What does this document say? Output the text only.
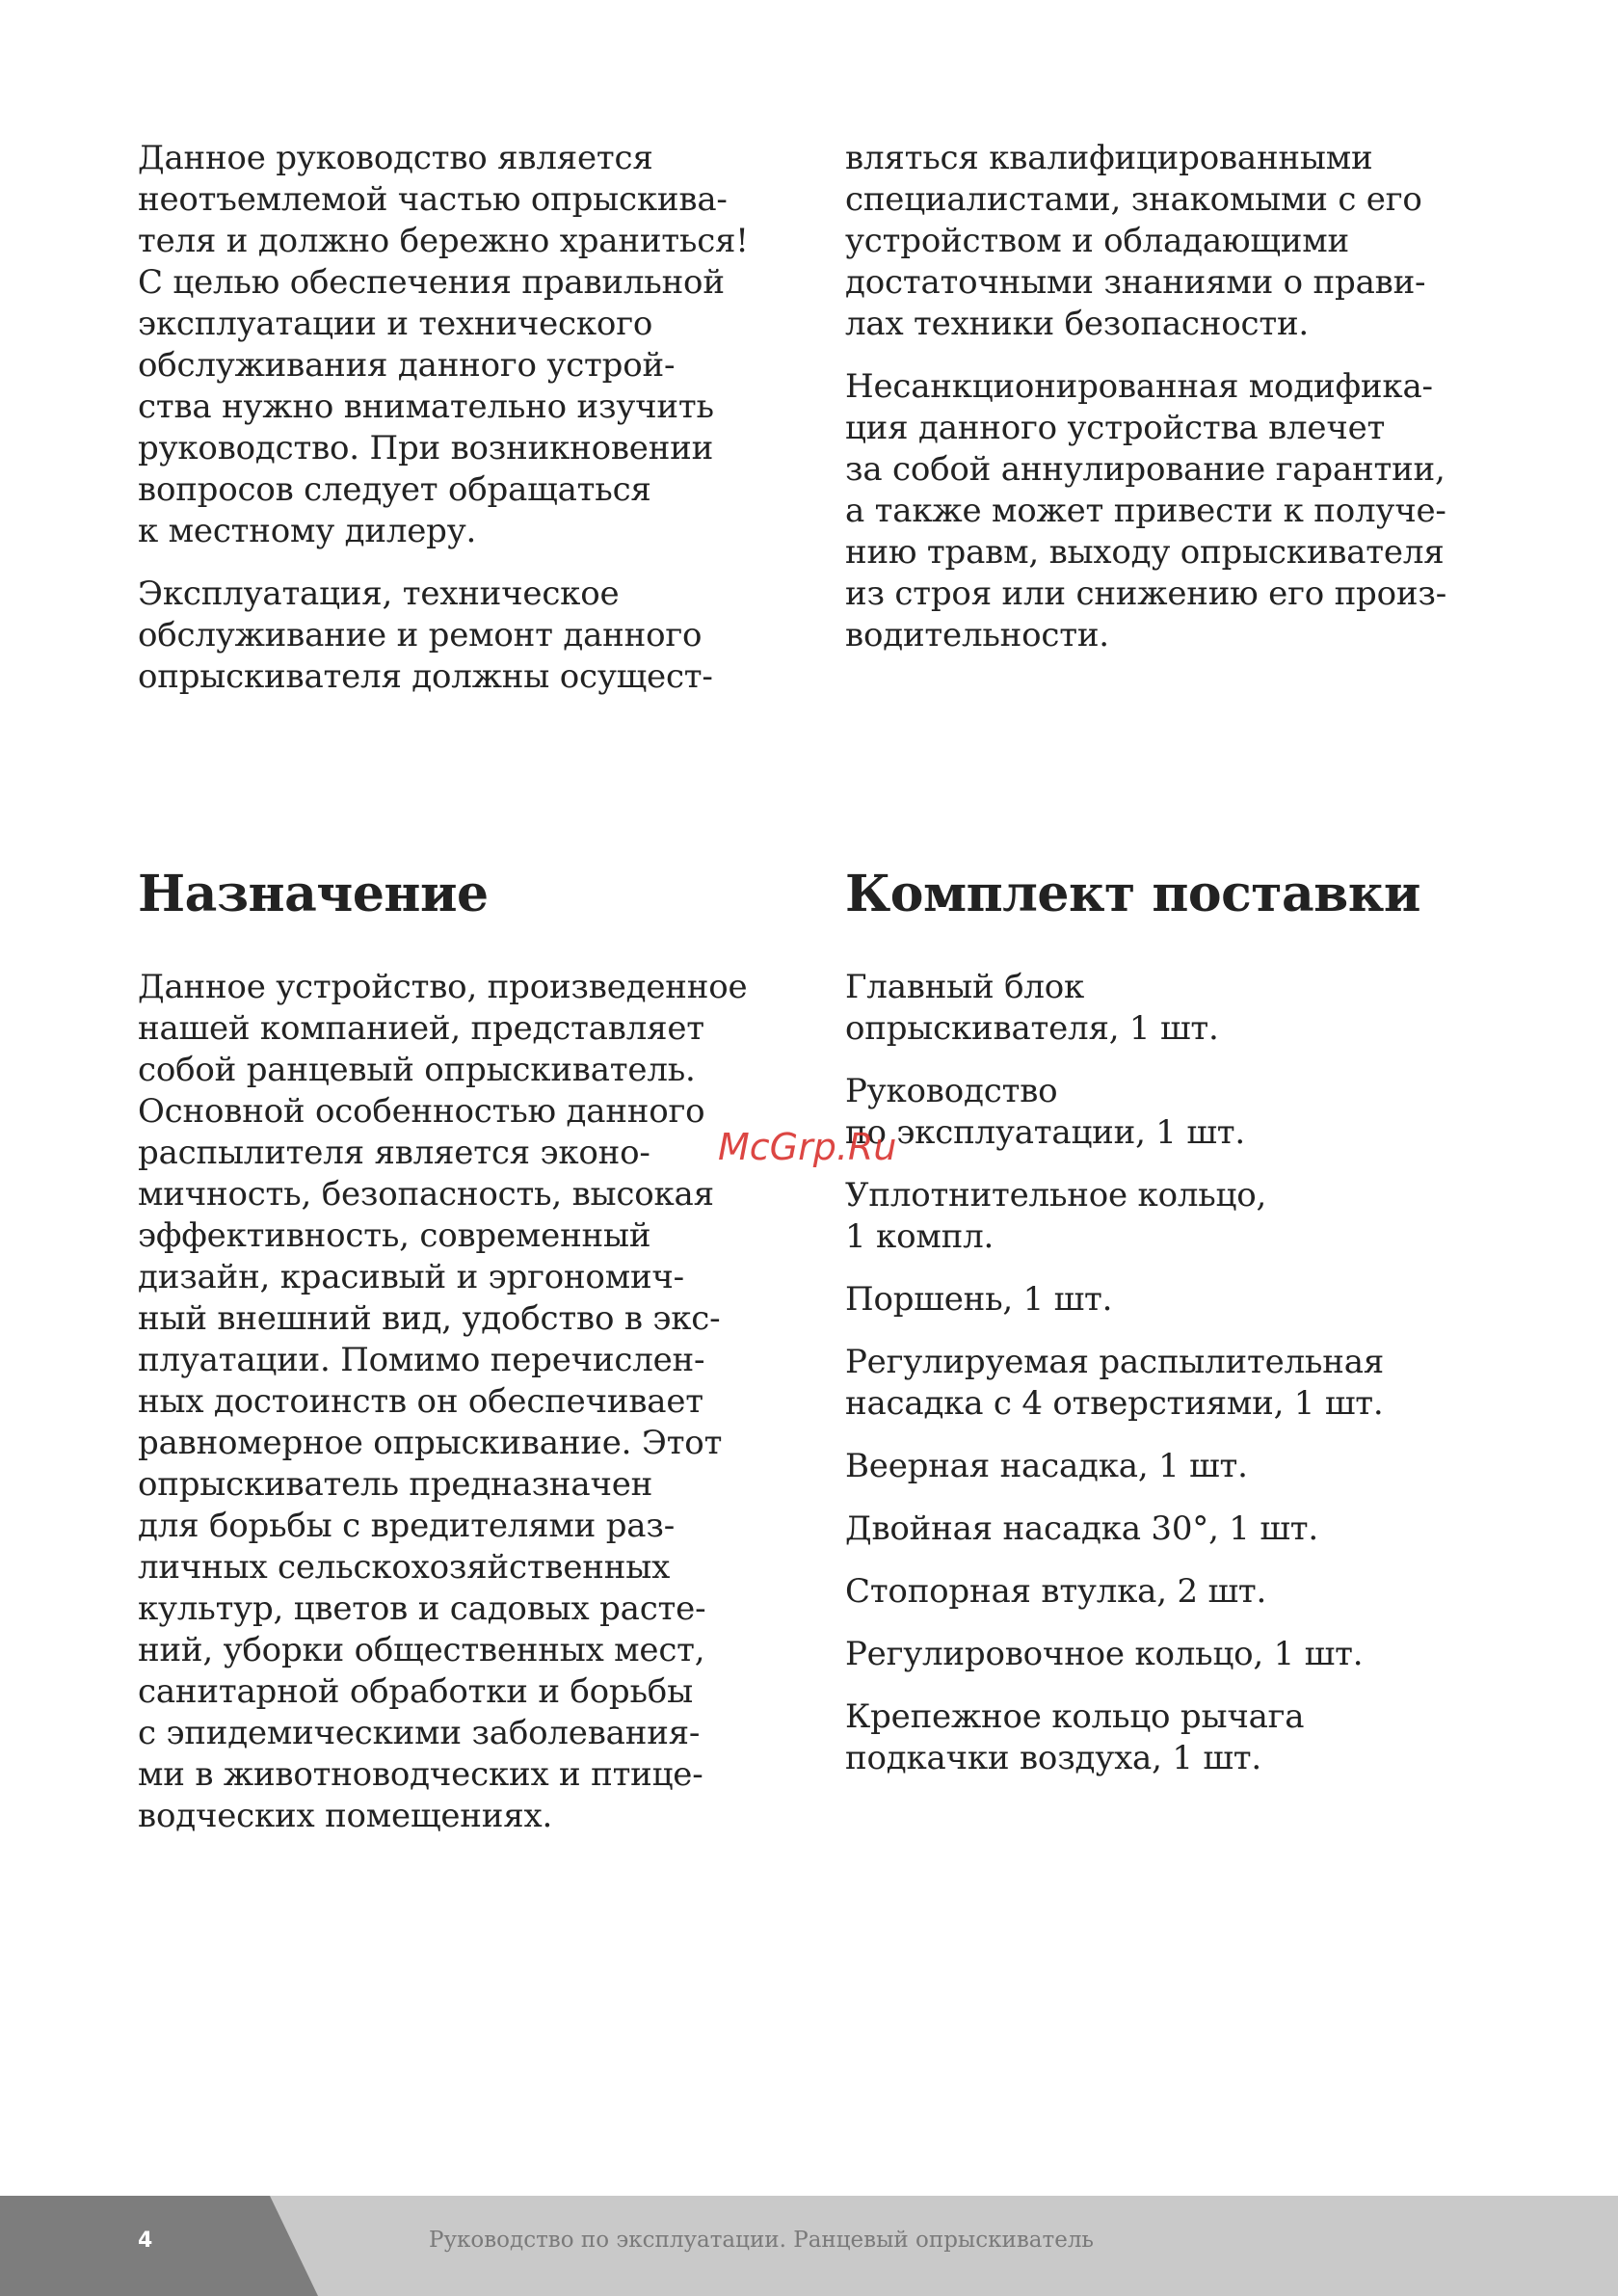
Данное руководство является
неотъемлемой частью опрыскива-
теля и должно бережно храниться!
С целью обеспечения правильной
эксплуатации и технического
обслуживания данного устрой-
ства нужно внимательно изучить
руководство. При возникновении
вопросов следует обращаться
к местному дилеру.

Эксплуатация, техническое
обслуживание и ремонт данного
опрыскивателя должны осущест-

вляться квалифицированными
специалистами, знакомыми с его
устройством и обладающими
достаточными знаниями о прави-
лах техники безопасности.

Несанкционированная модифика-
ция данного устройства влечет
за собой аннулирование гарантии,
а также может привести к получе-
нию травм, выходу опрыскивателя
из строя или снижению его произ-
водительности.

Назначение	Комплект поставки

Данное устройство, произведенное
нашей компанией, представляет
собой ранцевый опрыскиватель.
Основной особенностью данного
распылителя является эконо-
мичность, безопасность, высокая
эффективность, современный
дизайн, красивый и эргономич-
ный внешний вид, удобство в экс-
плуатации. Помимо перечислен-
ных достоинств он обеспечивает
равномерное опрыскивание. Этот
опрыскиватель предназначен
для борьбы с вредителями раз-
личных сельскохозяйственных
культур, цветов и садовых расте-
ний, уборки общественных мест,
санитарной обработки и борьбы
с эпидемическими заболевания-
ми в животноводческих и птице-
водческих помещениях.

Главный блок
опрыскивателя, 1 шт.

Руководство
по эксплуатации, 1 шт.

Уплотнительное кольцо,
1 компл.

Поршень, 1 шт.

Регулируемая распылительная
насадка с 4 отверстиями, 1 шт.

Веерная насадка, 1 шт.

Двойная насадка 30°, 1 шт.

Стопорная втулка, 2 шт.

Регулировочное кольцо, 1 шт.

Крепежное кольцо рычага
подкачки воздуха, 1 шт.

McGrp.Ru
4	Руководство по эксплуатации. Ранцевый опрыскиватель
